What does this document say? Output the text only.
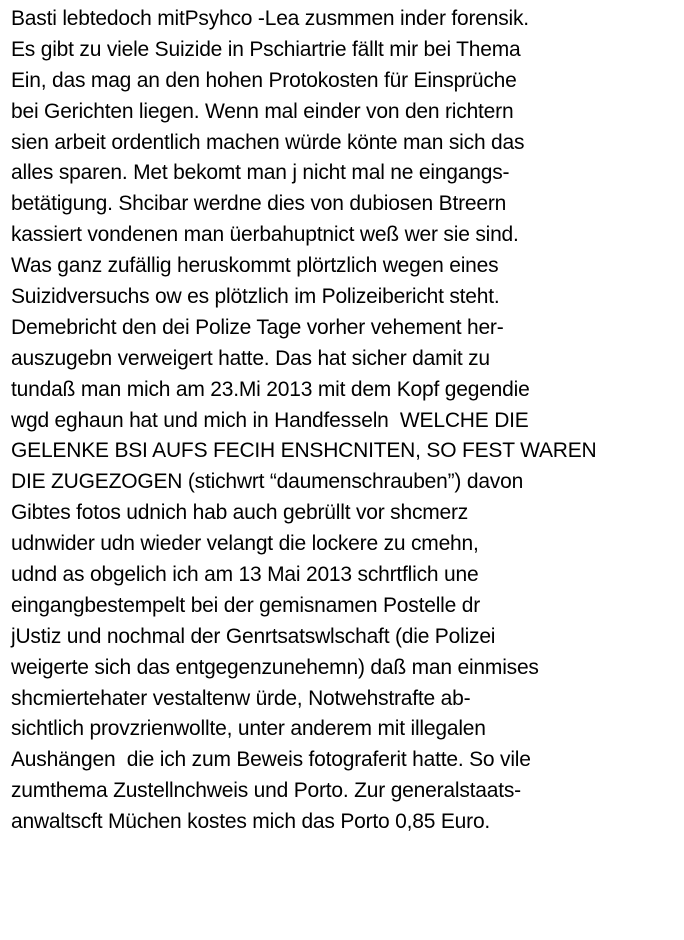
Basti lebtedoch mitPsyhco -Lea zusmmen inder forensik.
Es gibt zu viele Suizide in Pschiartrie fällt mir bei Thema
Ein, das mag an den hohen Protokosten für Einsprüche
bei Gerichten liegen. Wenn mal einder von den richtern
sien arbeit ordentlich machen würde könte man sich das
alles sparen. Met bekomt man j nicht mal ne eingangs-
betätigung. Shcibar werdne dies von dubiosen Btreern
kassiert vondenen man üerbahuptnict weß wer sie sind.
Was ganz zufällig heruskommt plörtzlich wegen eines
Suizidversuchs ow es plötzlich im Polizeibericht steht.
Demebricht den dei Polize Tage vorher vehement her-
auszugebn verweigert hatte. Das hat sicher damit zu
tundaß man mich am 23.Mi 2013 mit dem Kopf gegendie
wgd eghaun hat und mich in Handfesseln  WELCHE DIE
GELENKE BSI AUFS FECIH ENSHCNITEN, SO FEST WAREN
DIE ZUGEZOGEN (stichwrt “daumenschrauben”) davon
Gibtes fotos udnich hab auch gebrüllt vor shcmerz
udnwider udn wieder velangt die lockere zu cmehn,
udnd as obgelich ich am 13 Mai 2013 schrtflich une
eingangbestempelt bei der gemisnamen Postelle dr
jUstiz und nochmal der Genrtsatswlschaft (die Polizei
weigerte sich das entgegenzunehemn) daß man einmises
shcmiertehater vestaltenw ürde, Notwehstrafte ab-
sichtlich provzrienwollte, unter anderem mit illegalen
Aushängen  die ich zum Beweis fotograferit hatte. So vile
zumthema Zustellnchweis und Porto. Zur generalstaats-
anwaltscft Müchen kostes mich das Porto 0,85 Euro.
